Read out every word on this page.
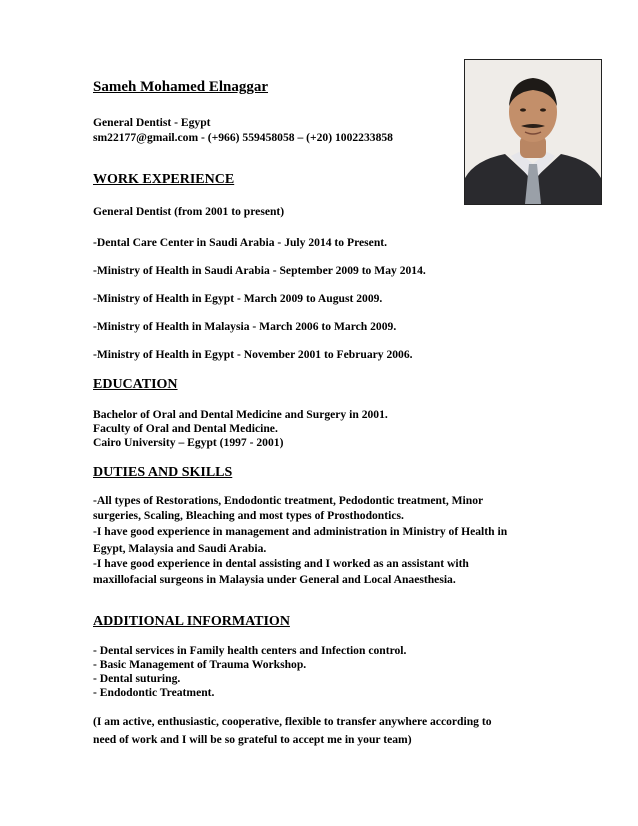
Sameh Mohamed Elnaggar
General Dentist - Egypt
sm22177@gmail.com - (+966) 559458058 – (+20) 1002233858
WORK EXPERIENCE
General Dentist (from 2001 to present)
-Dental Care Center in Saudi Arabia - July 2014 to Present.
-Ministry of Health in Saudi Arabia - September 2009 to May 2014.
-Ministry of Health in Egypt - March 2009 to August 2009.
-Ministry of Health in Malaysia - March 2006 to March 2009.
-Ministry of Health in Egypt - November 2001 to February 2006.
EDUCATION
Bachelor of Oral and Dental Medicine and Surgery in 2001.
Faculty of Oral and Dental Medicine.
Cairo University – Egypt (1997 - 2001)
DUTIES AND SKILLS
-All types of Restorations, Endodontic treatment, Pedodontic treatment, Minor
surgeries, Scaling, Bleaching and most types of Prosthodontics.
-I have good experience in management and administration in Ministry of Health in
Egypt, Malaysia and Saudi Arabia.
-I have good experience in dental assisting and I worked as an assistant with
maxillofacial surgeons in Malaysia under General and Local Anaesthesia.
ADDITIONAL INFORMATION
- Dental services in Family health centers and Infection control.
- Basic Management of Trauma Workshop.
- Dental suturing.
- Endodontic Treatment.
(I am active, enthusiastic, cooperative, flexible to transfer anywhere according to
need of work and I will be so grateful to accept me in your team)
